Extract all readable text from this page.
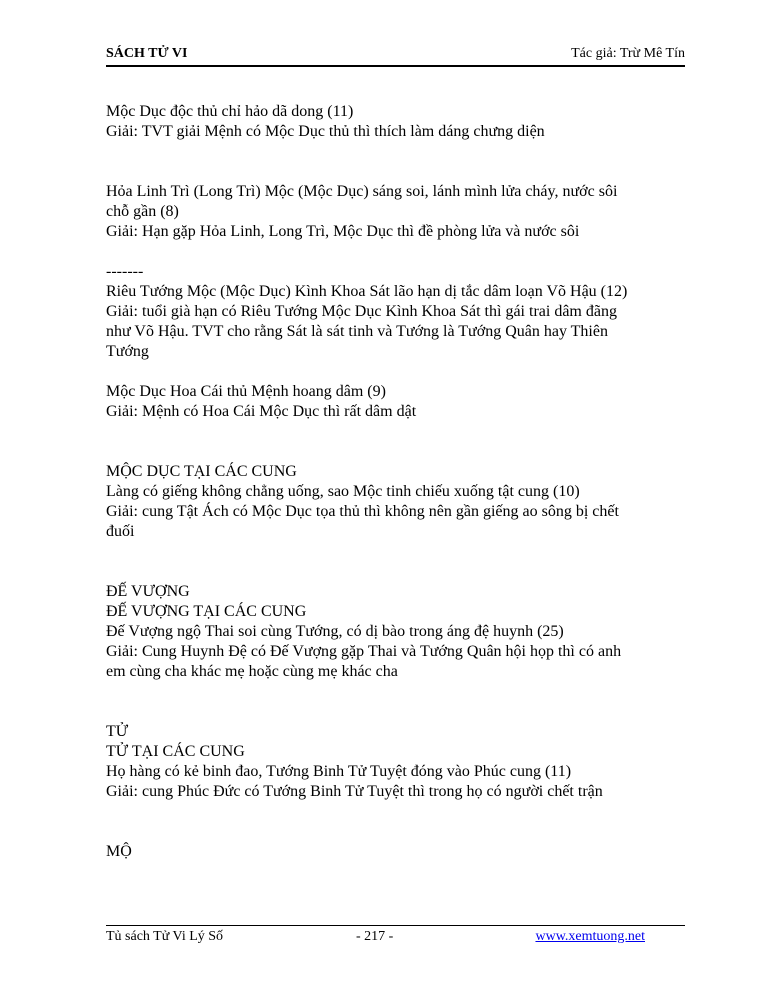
SÁCH TỬ VI	Tác giả: Trừ Mê Tín
Mộc Dục độc thủ chỉ hảo dã dong (11)
Giải: TVT giải Mệnh có Mộc Dục thủ thì thích làm dáng chưng diện
Hỏa Linh Trì (Long Trì) Mộc (Mộc Dục) sáng soi, lánh mình lửa cháy, nước sôi
chỗ gần (8)
Giải: Hạn gặp Hỏa Linh, Long Trì, Mộc Dục thì đề phòng lửa và nước sôi
-------
Riêu Tướng Mộc (Mộc Dục) Kình Khoa Sát lão hạn dị tắc dâm loạn Võ Hậu (12)
Giải: tuổi già hạn có Riêu Tướng Mộc Dục Kình Khoa Sát thì gái trai dâm đãng
như Võ Hậu. TVT cho rằng Sát là sát tinh và Tướng là Tướng Quân hay Thiên
Tướng
Mộc Dục Hoa Cái thủ Mệnh hoang dâm (9)
Giải: Mệnh có Hoa Cái Mộc Dục thì rất dâm dật
MỘC DỤC TẠI CÁC CUNG
Làng có giếng không chẳng uống, sao Mộc tinh chiếu xuống tật cung (10)
Giải: cung Tật Ách có Mộc Dục tọa thủ thì không nên gần giếng ao sông bị chết
đuối
ĐẾ VƯỢNG
ĐẾ VƯỢNG TẠI CÁC CUNG
Đế Vượng ngộ Thai soi cùng Tướng, có dị bào trong áng đệ huynh (25)
Giải: Cung Huynh Đệ có Đế Vượng gặp Thai và Tướng Quân hội họp thì có anh
em cùng cha khác mẹ hoặc cùng mẹ khác cha
TỬ
TỬ TẠI CÁC CUNG
Họ hàng có kẻ binh đao, Tướng Binh Tử Tuyệt đóng vào Phúc cung (11)
Giải: cung Phúc Đức có Tướng Binh Tử Tuyệt thì trong họ có người chết trận
MỘ
Tủ sách Tử Vi Lý Số	- 217 -	www.xemtuong.net
